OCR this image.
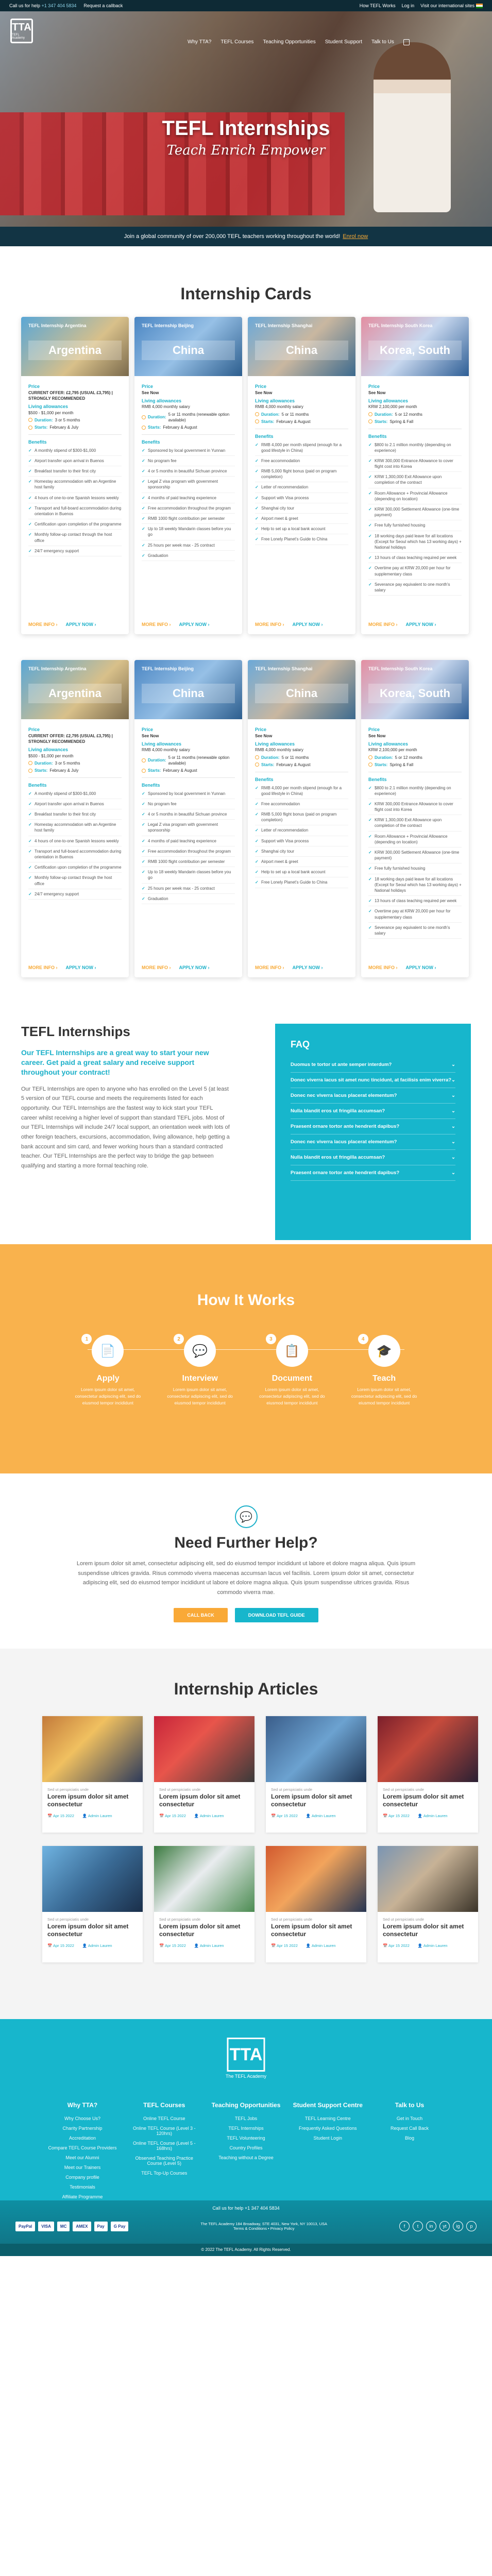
Call us for help +1 347 404 5834 Request a callback	How TEFL Works Log in Visit our international sites
TTA
TEFL Academy
Why TTA? TEFL Courses Teaching Opportunities Student Support Talk to Us
TEFL Internships
Teach Enrich Empower
Join a global community of over 200,000 TEFL teachers working throughout the world! Enrol now
Internship Cards
TEFL Internship Argentina
Argentina
Price
CURRENT OFFER: £2,795 (USUAL £3,795) | STRONGLY RECOMMENDED
Living allowances
$500 - $1,000 per month
Duration: 3 or 5 months
Starts: February & July
Benefits
✓ A monthly stipend of $300-$1,000
✓ Airport transfer upon arrival in Buenos
✓ Breakfast transfer to their first city
✓ Homestay accommodation with an Argentine host family
✓ 4 hours of one-to-one Spanish lessons weekly
✓ Transport and full-board accommodation during orientation in Buenos
✓ Certification upon completion of the programme
✓ Monthly follow-up contact through the host office
✓ 24/7 emergency support
MORE INFO › APPLY NOW ›
TEFL Internship Beijing
China
Price
See Now
Living allowances
RMB 4,000 monthly salary
Duration:
5 or 11 months (renewable option available)
Starts: February & August
Benefits
✓ Sponsored by local government in Yunnan
✓ No program fee
✓ 4 or 5 months in beautiful Sichuan province
✓ Legal Z visa program with government sponsorship
✓ 4 months of paid teaching experience
✓ Free accommodation throughout the program
✓ RMB 1000 flight contribution per semester
✓ Up to 18 weekly Mandarin classes before you go
✓ 25 hours per week max - 25 contract
✓ Graduation
MORE INFO › APPLY NOW ›
TEFL Internship Shanghai
China
Price
See Now
Living allowances
RMB 4,000 monthly salary
Duration: 5 or 11 months
Starts: February & August
Benefits
✓ RMB 4,000 per month stipend (enough for a good lifestyle in China)
✓ Free accommodation
✓ RMB 5,000 flight bonus (paid on program completion)
✓ Letter of recommendation
✓ Support with Visa process
✓ Shanghai city tour
✓ Airport meet & greet
✓ Help to set up a local bank account
✓ Free Lonely Planet's Guide to China
MORE INFO › APPLY NOW ›
TEFL Internship South Korea
Korea, South
Price
See Now
Living allowances
KRW 2,100,000 per month
Duration: 5 or 12 months
Starts: Spring & Fall
Benefits
✓ $800 to 2.1 million monthly (depending on experience)
✓ KRW 300,000 Entrance Allowance to cover flight cost into Korea
✓ KRW 1,300,000 Exit Allowance upon completion of the contract
✓ Room Allowance + Provincial Allowance (depending on location)
✓ KRW 300,000 Settlement Allowance (one-time payment)
✓ Free fully furnished housing
✓ 18 working days paid leave for all locations (Except for Seoul which has 13 working days) + National holidays
✓ 13 hours of class teaching required per week
✓ Overtime pay at KRW 20,000 per hour for supplementary class
✓ Severance pay equivalent to one month's salary
MORE INFO › APPLY NOW ›
TEFL Internship Argentina
Argentina
Price
CURRENT OFFER: £2,795 (USUAL £3,795) | STRONGLY RECOMMENDED
Living allowances
$500 - $1,000 per month
Duration: 3 or 5 months
Starts: February & July
Benefits
✓ A monthly stipend of $300-$1,000
✓ Airport transfer upon arrival in Buenos
✓ Breakfast transfer to their first city
✓ Homestay accommodation with an Argentine host family
✓ 4 hours of one-to-one Spanish lessons weekly
✓ Transport and full-board accommodation during orientation in Buenos
✓ Certification upon completion of the programme
✓ Monthly follow-up contact through the host office
✓ 24/7 emergency support
MORE INFO › APPLY NOW ›
TEFL Internship Beijing
China
Price
See Now
Living allowances
RMB 4,000 monthly salary
Duration:
5 or 11 months (renewable option available)
Starts: February & August
Benefits
✓ Sponsored by local government in Yunnan
✓ No program fee
✓ 4 or 5 months in beautiful Sichuan province
✓ Legal Z visa program with government sponsorship
✓ 4 months of paid teaching experience
✓ Free accommodation throughout the program
✓ RMB 1000 flight contribution per semester
✓ Up to 18 weekly Mandarin classes before you go
✓ 25 hours per week max - 25 contract
✓ Graduation
MORE INFO › APPLY NOW ›
TEFL Internship Shanghai
China
Price
See Now
Living allowances
RMB 4,000 monthly salary
Duration: 5 or 11 months
Starts: February & August
Benefits
✓ RMB 4,000 per month stipend (enough for a good lifestyle in China)
✓ Free accommodation
✓ RMB 5,000 flight bonus (paid on program completion)
✓ Letter of recommendation
✓ Support with Visa process
✓ Shanghai city tour
✓ Airport meet & greet
✓ Help to set up a local bank account
✓ Free Lonely Planet's Guide to China
MORE INFO › APPLY NOW ›
TEFL Internship South Korea
Korea, South
Price
See Now
Living allowances
KRW 2,100,000 per month
Duration: 5 or 12 months
Starts: Spring & Fall
Benefits
✓ $800 to 2.1 million monthly (depending on experience)
✓ KRW 300,000 Entrance Allowance to cover flight cost into Korea
✓ KRW 1,300,000 Exit Allowance upon completion of the contract
✓ Room Allowance + Provincial Allowance (depending on location)
✓ KRW 300,000 Settlement Allowance (one-time payment)
✓ Free fully furnished housing
✓ 18 working days paid leave for all locations (Except for Seoul which has 13 working days) + National holidays
✓ 13 hours of class teaching required per week
✓ Overtime pay at KRW 20,000 per hour for supplementary class
✓ Severance pay equivalent to one month's salary
MORE INFO › APPLY NOW ›
TEFL Internships
Our TEFL Internships are a great way to start your new career. Get paid a great salary and receive support throughout your contract!

Our TEFL Internships are open to anyone who has enrolled on the Level 5 (at least 5 version of our TEFL course and meets the requirements listed for each opportunity. Our TEFL Internships are the fastest way to kick start your TEFL career whilst receiving a higher level of support than standard TEFL jobs. Most of our TEFL Internships will include 24/7 local support, an orientation week with lots of other foreign teachers, excursions, accommodation, living allowance, help getting a bank account and sim card, and fewer working hours than a standard contracted teacher. Our TEFL Internships are the perfect way to bridge the gap between qualifying and starting a more formal teaching role.

FAQ
Duomus te tortor ut ante semper interdum?	⌄
Donec viverra lacus sit amet nunc tincidunt, at facilisis enim viverra? ⌄
Donec nec viverra lacus placerat elementum?	⌄
Nulla blandit eros ut fringilla accumsan?	⌄
Praesent ornare tortor ante hendrerit dapibus?	⌄
Donec nec viverra lacus placerat elementum?	⌄
Nulla blandit eros ut fringilla accumsan?	⌄
Praesent ornare tortor ante hendrerit dapibus?	⌄
How It Works
1
📄
Apply
Lorem ipsum dolor sit amet, consectetur adipiscing elit, sed do eiusmod tempor incididunt
2
💬
Interview
Lorem ipsum dolor sit amet, consectetur adipiscing elit, sed do eiusmod tempor incididunt
3
📋
Document
Lorem ipsum dolor sit amet, consectetur adipiscing elit, sed do eiusmod tempor incididunt
4
🎓
Teach
Lorem ipsum dolor sit amet, consectetur adipiscing elit, sed do eiusmod tempor incididunt
💬
Need Further Help?

Lorem ipsum dolor sit amet, consectetur adipiscing elit, sed do eiusmod tempor incididunt ut labore et dolore magna aliqua. Quis ipsum suspendisse ultrices gravida. Risus commodo viverra maecenas accumsan lacus vel facilisis. Lorem ipsum dolor sit amet, consectetur adipiscing elit, sed do eiusmod tempor incididunt ut labore et dolore magna aliqua. Quis ipsum suspendisse ultrices gravida. Risus commodo viverra mae.

CALL BACK	DOWNLOAD TEFL GUIDE
Internship Articles
Sed ut perspiciatis unde
Lorem ipsum dolor sit amet consectetur
📅 Apr 15 2022 👤 Admin Lauren
Sed ut perspiciatis unde
Lorem ipsum dolor sit amet consectetur
📅 Apr 15 2022 👤 Admin Lauren
Sed ut perspiciatis unde
Lorem ipsum dolor sit amet consectetur
📅 Apr 15 2022 👤 Admin Lauren
Sed ut perspiciatis unde
Lorem ipsum dolor sit amet consectetur
📅 Apr 15 2022 👤 Admin Lauren
Sed ut perspiciatis unde
Lorem ipsum dolor sit amet consectetur
📅 Apr 15 2022 👤 Admin Lauren
Sed ut perspiciatis unde
Lorem ipsum dolor sit amet consectetur
📅 Apr 15 2022 👤 Admin Lauren
Sed ut perspiciatis unde
Lorem ipsum dolor sit amet consectetur
📅 Apr 15 2022 👤 Admin Lauren
Sed ut perspiciatis unde
Lorem ipsum dolor sit amet consectetur
📅 Apr 15 2022 👤 Admin Lauren
TTA
The TEFL Academy
Why TTA?
Why Choose Us?
Charity Partnership
Accreditation
Compare TEFL Course Providers
Meet our Alumni
Meet our Trainers
Company profile
Testimonials
Affiliate Programme
TEFL Courses
Online TEFL Course
Online TEFL Course (Level 3 - 120hrs)
Online TEFL Course (Level 5 - 168hrs)
Observed Teaching Practice Course (Level 5)
TEFL Top-Up Courses
Teaching Opportunities
TEFL Jobs
TEFL Internships
TEFL Volunteering
Country Profiles
Teaching without a Degree
Student Support Centre
TEFL Learning Centre
Frequently Asked Questions
Student Login
Talk to Us
Get in Touch
Request Call Back
Blog
Call us for help +1 347 404 5834
PayPal	VISA	MC	AMEX	Pay	G Pay	The TEFL Academy 184 Broadway, STE 4031, New York, NY 10013, USA
Terms & Conditions • Privacy Policy	f	t	in	yt	ig	p
© 2022 The TEFL Academy. All Rights Reserved.
